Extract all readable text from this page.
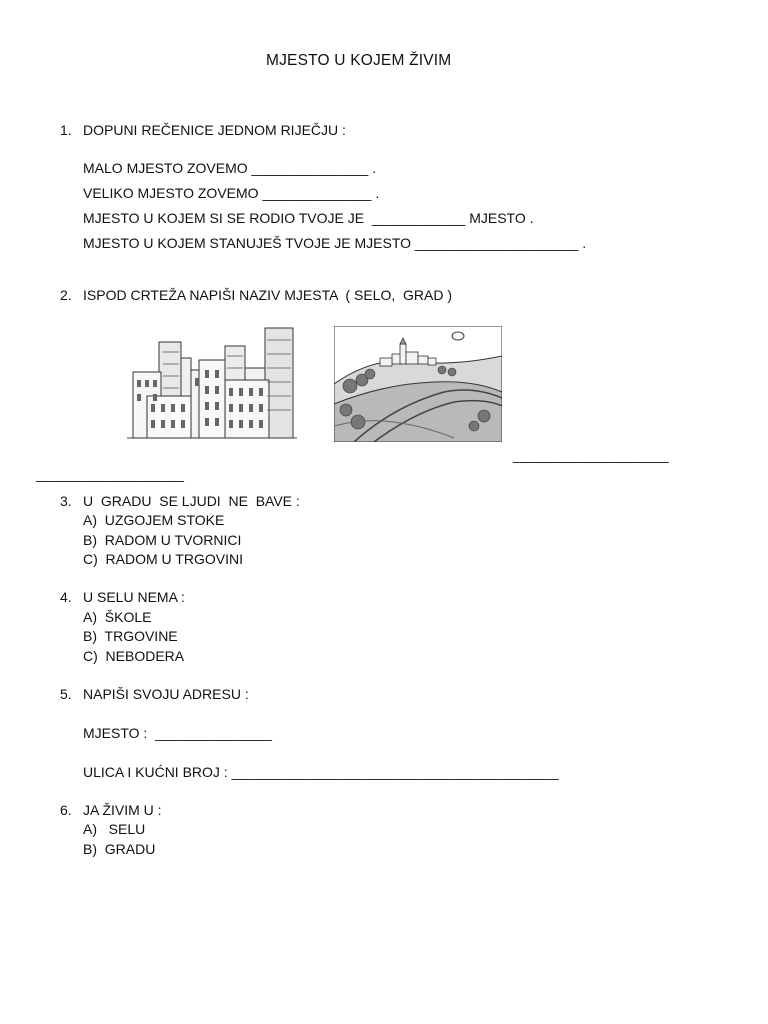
MJESTO U KOJEM ŽIVIM
1. DOPUNI REČENICE JEDNOM RIJEČJU :
MALO MJESTO ZOVEMO _______________ .
VELIKO MJESTO ZOVEMO ______________ .
MJESTO U KOJEM SI SE RODIO TVOJE JE  ____________ MJESTO .
MJESTO U KOJEM STANUJEŠ TVOJE JE MJESTO _____________________ .
2. ISPOD CRTEŽA NAPIŠI NAZIV MJESTA  ( SELO,  GRAD )
____________________
___________________
3. U  GRADU  SE LJUDI  NE  BAVE :
A)  UZGOJEM STOKE
B)  RADOM U TVORNICI
C)  RADOM U TRGOVINI
4. U SELU NEMA :
A)  ŠKOLE
B)  TRGOVINE
C)  NEBODERA
5. NAPIŠI SVOJU ADRESU :
MJESTO :  _______________
ULICA I KUĆNI BROJ : __________________________________________
6. JA ŽIVIM U :
A)   SELU
B)  GRADU
